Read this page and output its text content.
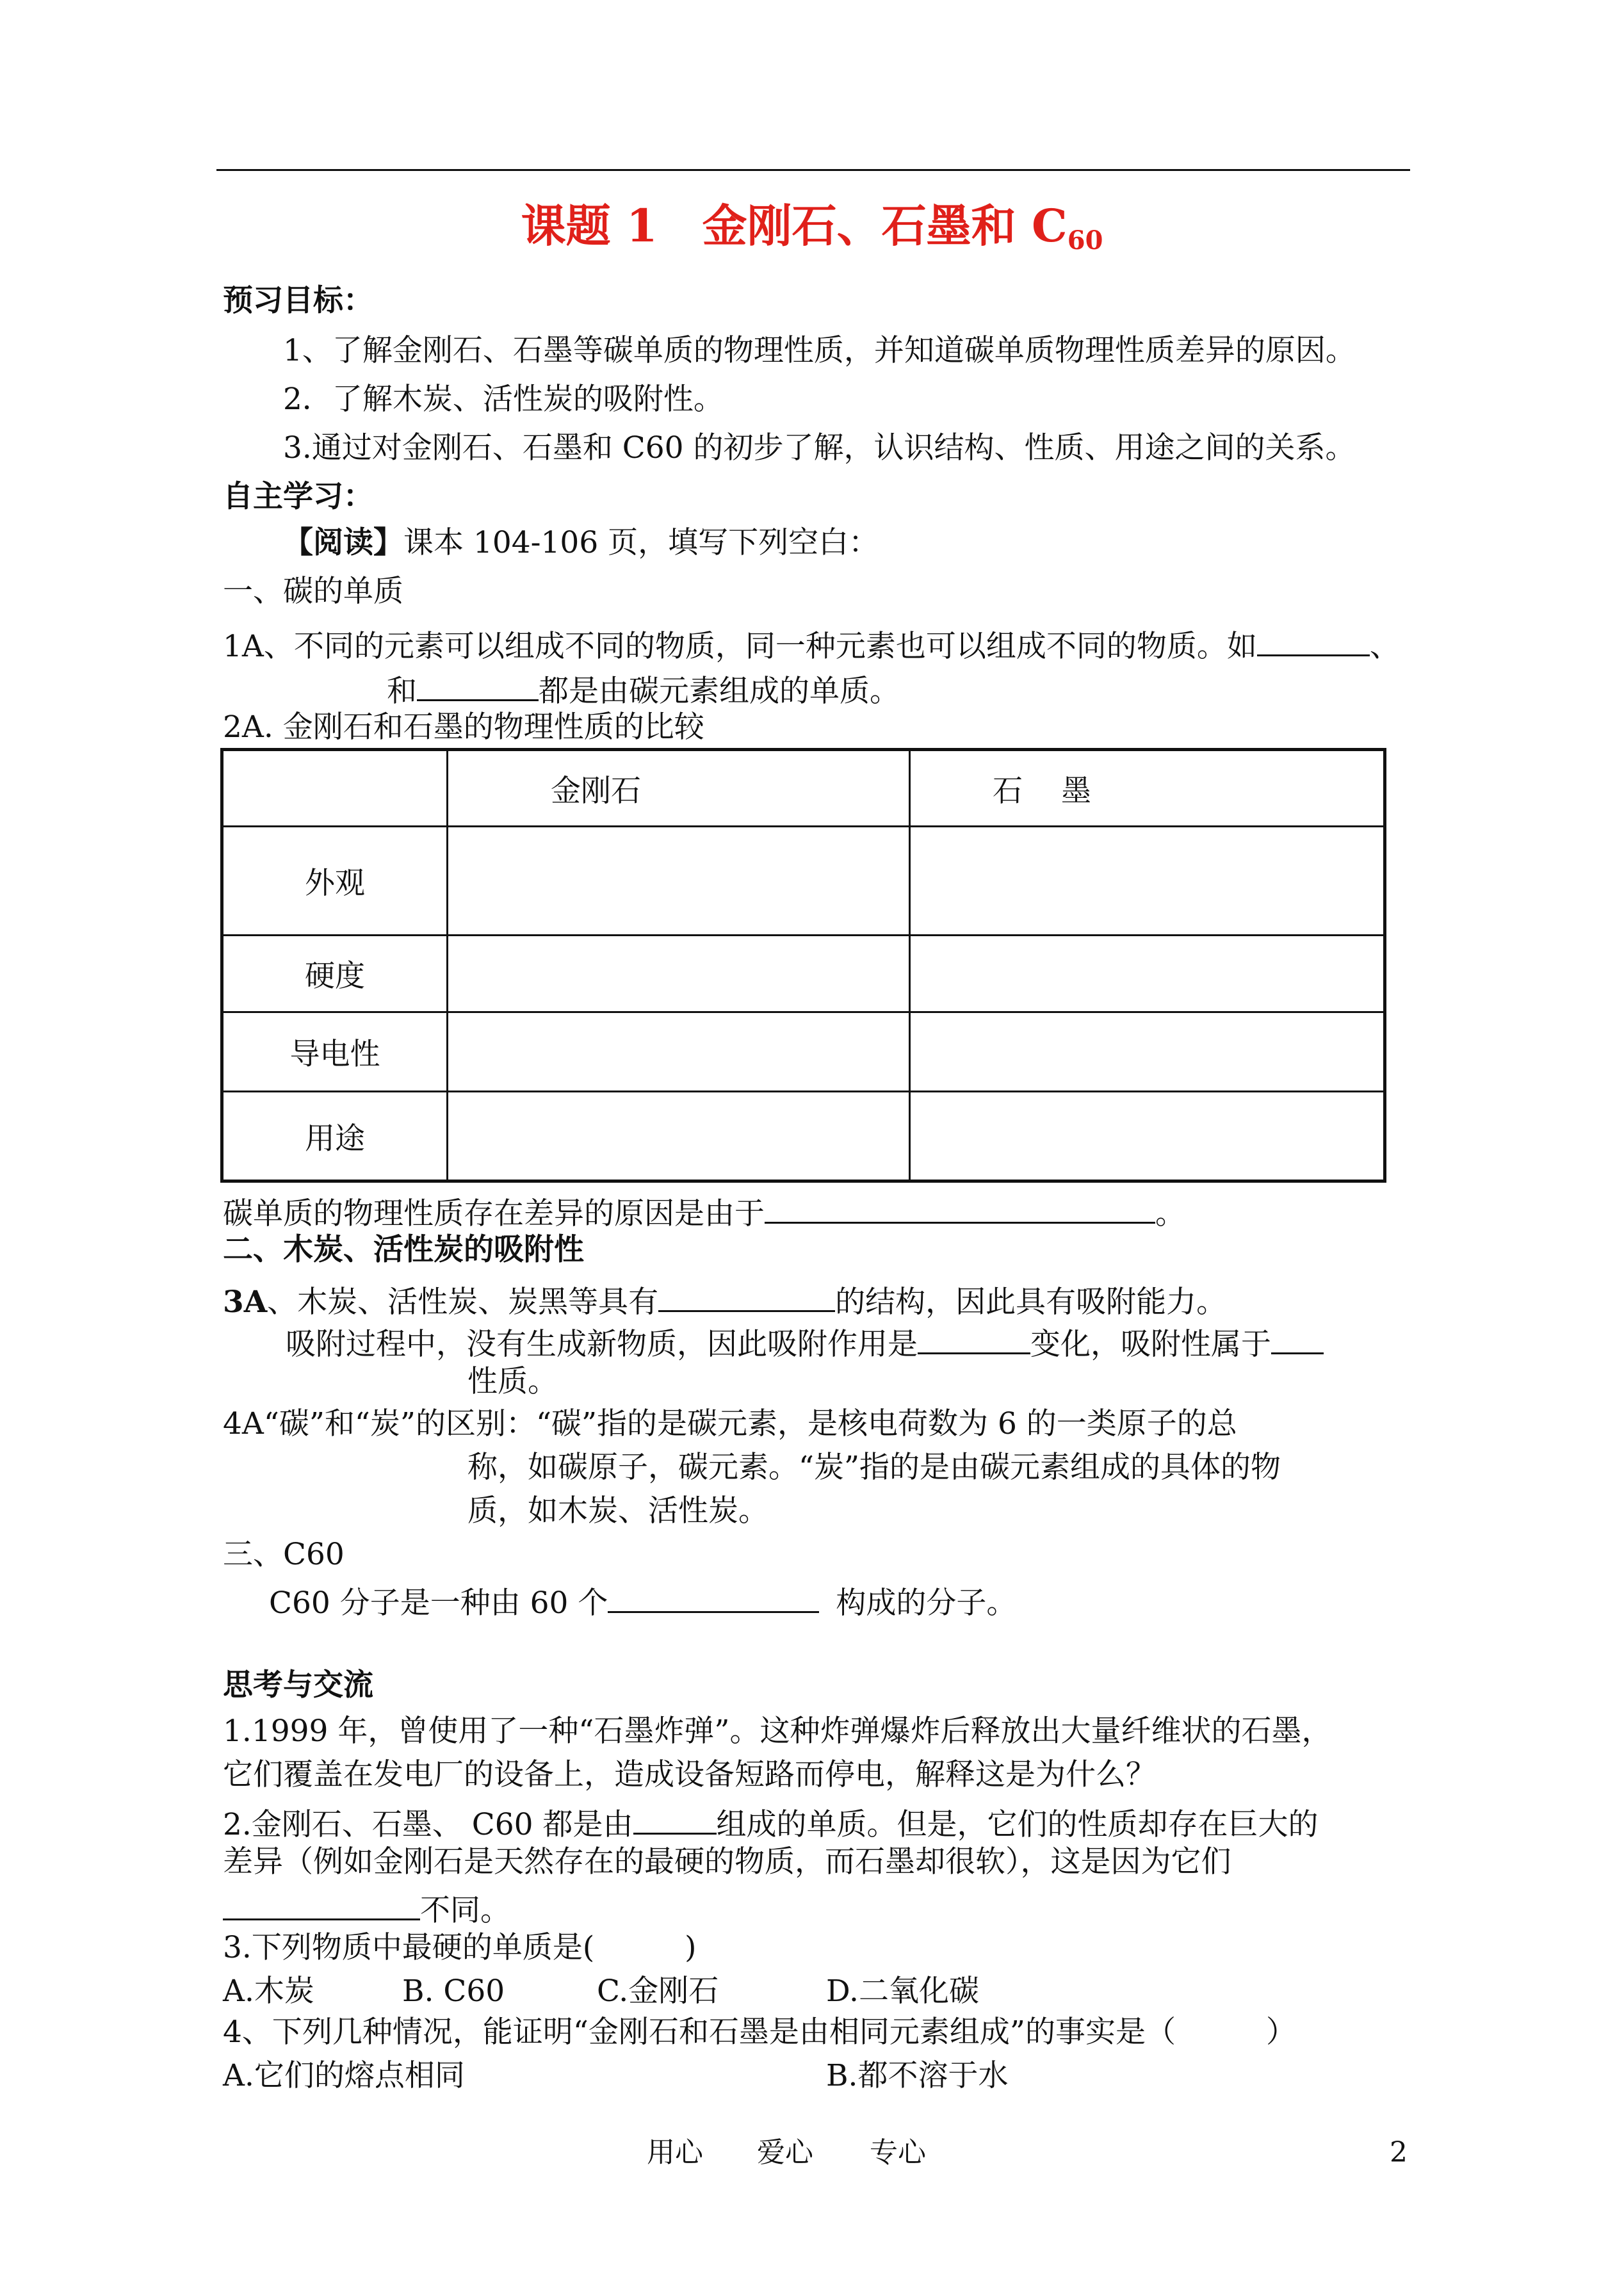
课题 1　金刚石、石墨和 $C_{60}$
预习目标：
1、了解金刚石、石墨等碳单质的物理性质，并知道碳单质物理性质差异的原因。
2．了解木炭、活性炭的吸附性。
3.通过对金刚石、石墨和 C60 的初步了解，认识结构、性质、用途之间的关系。
自主学习：
【阅读】课本 104-106 页，填写下列空白：
一、碳的单质
1A、不同的元素可以组成不同的物质，同一种元素也可以组成不同的物质。如	、
和	都是由碳元素组成的单质。
2A. 金刚石和石墨的物理性质的比较
	金刚石	石墨
外观		
硬度		
导电性		
用途		
碳单质的物理性质存在差异的原因是由于	。
二、木炭、活性炭的吸附性
3A、木炭、活性炭、炭黑等具有	的结构，因此具有吸附能力。
吸附过程中，没有生成新物质，因此吸附作用是	变化，吸附性属于
性质。
4A“碳”和“炭”的区别：“碳”指的是碳元素，是核电荷数为 6 的一类原子的总
称，如碳原子，碳元素。“炭”指的是由碳元素组成的具体的物
质，如木炭、活性炭。
三、C60
C60 分子是一种由 60 个	构成的分子。
思考与交流
1.1999 年，曾使用了一种“石墨炸弹”。这种炸弹爆炸后释放出大量纤维状的石墨，
它们覆盖在发电厂的设备上，造成设备短路而停电，解释这是为什么？
2.金刚石、石墨、 C60 都是由	组成的单质。但是，它们的性质却存在巨大的
差异（例如金刚石是天然存在的最硬的物质，而石墨却很软），这是因为它们
不同。
3.下列物质中最硬的单质是(　　　)
A.木炭	B. C60	C.金刚石	D.二氧化碳
4、下列几种情况，能证明“金刚石和石墨是由相同元素组成”的事实是（　　　）
A.它们的熔点相同	B.都不溶于水
用心 爱心 专心	2
